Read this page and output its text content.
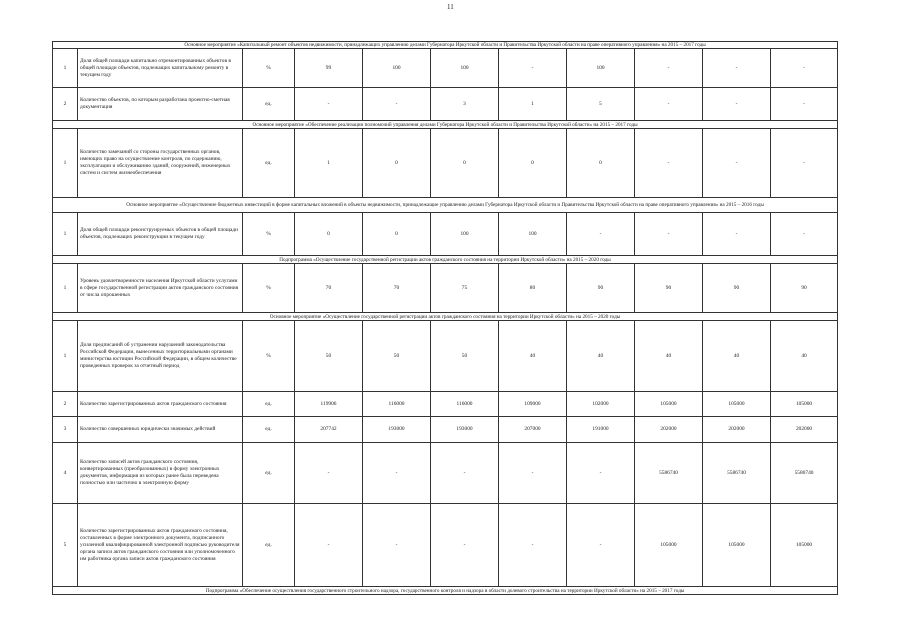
11
Основное мероприятие «Капитальный ремонт объектов недвижимости, принадлежащих управлению делами Губернатора Иркутской области и Правительства Иркутской области на праве оперативного управления» на 2015 – 2017 годы										
1	Доля общей площади капитально отремонтированных объектов в общей площади объектов, подлежащих капитальному ремонту в текущем году	%	99	100	100	-	100	-	-	-
2	Количество объектов, по которым разработана проектно-сметная документация	ед.	-	-	3	1	5	-	-	-
Основное мероприятие «Обеспечение реализации полномочий управления делами Губернатора Иркутской области и Правительства Иркутской области» на 2015 – 2017 годы										
1	Количество замечаний со стороны государственных органов, имеющих право на осуществление контроля, по содержанию, эксплуатации и обслуживанию зданий, сооружений, инженерных систем и систем жизнеобеспечения	ед.	1	0	0	0	0	-	-	-
Основное мероприятие «Осуществление бюджетных инвестиций в форме капитальных вложений в объекты недвижимости, принадлежащие управлению делами Губернатора Иркутской области и Правительства Иркутской области на праве оперативного управления» на 2015 – 2016 годы										
1	Доля общей площади реконструируемых объектов в общей площади объектов, подлежащих реконструкции в текущем году	%	0	0	100	100	-	-	-	-
Подпрограмма «Осуществление государственной регистрации актов гражданского состояния на территории Иркутской области» на 2015 – 2020 годы										
1	Уровень удовлетворенности населения Иркутской области услугами в сфере государственной регистрации актов гражданского состояния от числа опрошенных	%	70	70	75	80	90	90	90	90
Основное мероприятие «Осуществление государственной регистрации актов гражданского состояния на территории Иркутской области» на 2015 – 2020 годы										
1	Доля предписаний об устранении нарушений законодательства Российской Федерации, вынесенных территориальными органами министерства юстиции Российской Федерации, в общем количестве проведенных проверок за отчетный период	%	50	50	50	40	40	40	40	40
2	Количество зарегистрированных актов гражданского состояния	ед.	119906	116000	116000	109000	102000	105000	105000	105000
3	Количество совершенных юридически значимых действий	ед.	207742	193000	193000	207000	191000	202000	202000	202000
4	Количество записей актов гражданского состояния, конвертированных (преобразованных) в форму электронных документов, информация из которых ранее была переведена полностью или частично в электронную форму	ед.	-	-	-	-	-	5586740	5586740	5586740
5	Количество зарегистрированных актов гражданского состояния, составленных в форме электронного документа, подписанного усиленной квалифицированной электронной подписью руководителя органа записи актов гражданского состояния или уполномоченного им работника органа записи актов гражданского состояния	ед.	-	-	-	-	-	105000	105000	105000
Подпрограмма «Обеспечение осуществления государственного строительного надзора, государственного контроля и надзора в области долевого строительства на территории Иркутской области» на 2015 – 2017 годы										
